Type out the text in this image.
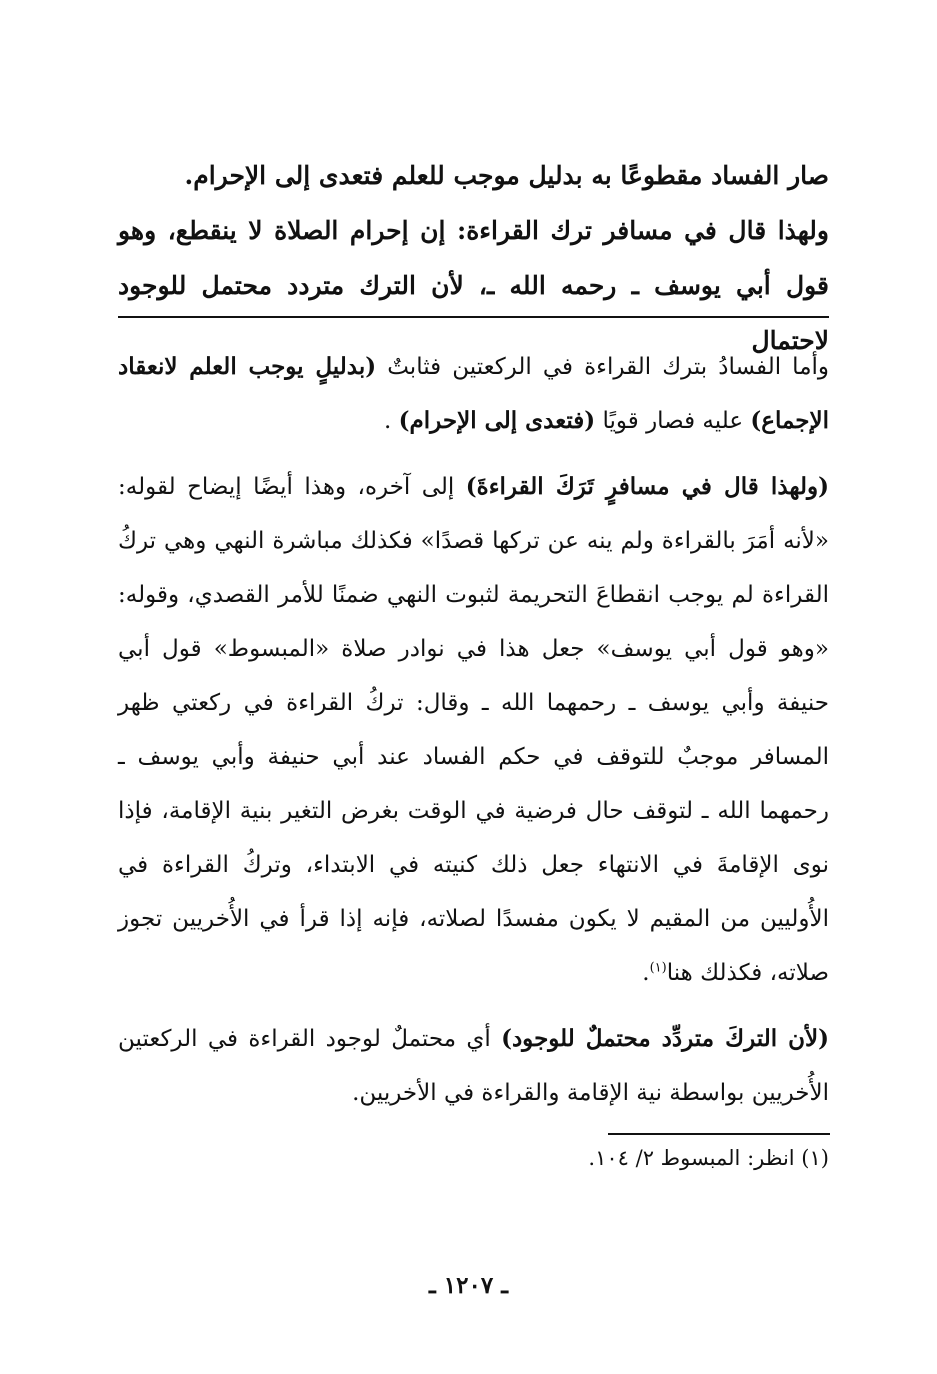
صار الفساد مقطوعًا به بدليل موجب للعلم فتعدى إلى الإحرام.

ولهذا قال في مسافر ترك القراءة: إن إحرام الصلاة لا ينقطع، وهو قول أبي يوسف ـ رحمه الله ـ، لأن الترك متردد محتمل للوجود لاحتمال

وأما الفسادُ بترك القراءة في الركعتين فثابتٌ (بدليلٍ يوجب العلم لانعقاد الإجماع) عليه فصار قويًا (فتعدى إلى الإحرام) .

(ولهذا قال في مسافرٍ تَرَكَ القراءةَ) إلى آخره، وهذا أيضًا إيضاح لقوله: «لأنه أمَرَ بالقراءة ولم ينه عن تركها قصدًا» فكذلك مباشرة النهي وهي تركُ القراءة لم يوجب انقطاعَ التحريمة لثبوت النهي ضمنًا للأمر القصدي، وقوله: «وهو قول أبي يوسف» جعل هذا في نوادر صلاة «المبسوط» قول أبي حنيفة وأبي يوسف ـ رحمهما الله ـ وقال: تركُ القراءة في ركعتي ظهر المسافر موجبٌ للتوقف في حكم الفساد عند أبي حنيفة وأبي يوسف ـ رحمهما الله ـ لتوقف حال فرضية في الوقت بغرض التغير بنية الإقامة، فإذا نوى الإقامةَ في الانتهاء جعل ذلك كنيته في الابتداء، وتركُ القراءة في الأُوليين من المقيم لا يكون مفسدًا لصلاته، فإنه إذا قرأ في الأُخريين تجوز صلاته، فكذلك هنا$^{(١)}$.

(لأن التركَ متردِّد محتملٌ للوجود) أي محتملٌ لوجود القراءة في الركعتين الأُخريين بواسطة نية الإقامة والقراءة في الأخريين.

(١) انظر: المبسوط ٢/ ١٠٤.
ـ ١٢٠٧ ـ
